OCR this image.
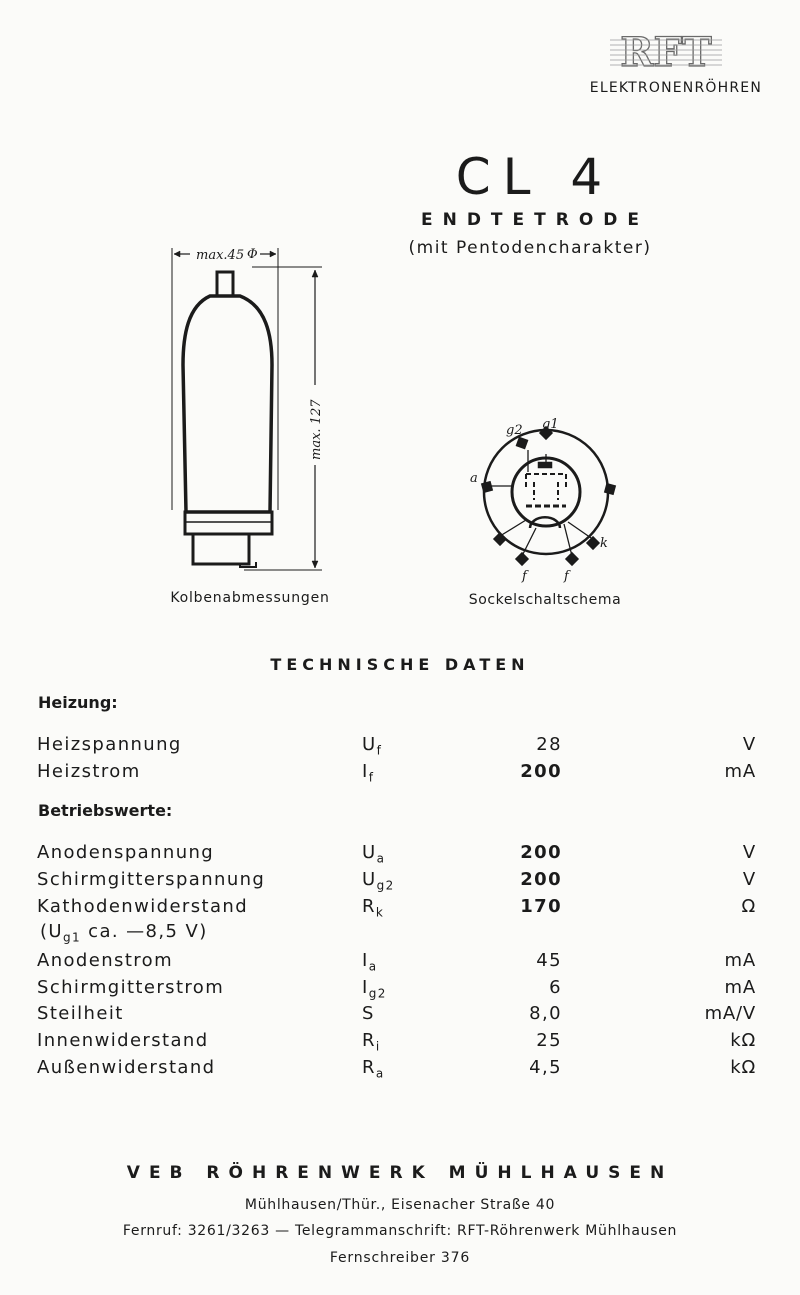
RFT
ELEKTRONENRÖHREN
CL 4
ENDTETRODE
(mit Pentodencharakter)
max.45 Φ
max. 127	g2 g1
a
k
f	f
Kolbenabmessungen	Sockelschaltschema
TECHNISCHE DATEN
Heizung:
Heizspannung	$U_f$	28	V
Heizstrom	$I_f$	200	mA
Betriebswerte:
Anodenspannung	$U_a$	200	V
Schirmgitterspannung	$U_{g2}$	200	V
Kathodenwiderstand	$R_k$	170	Ω
($U_{g1}$ ca. —8,5 V)
Anodenstrom	$I_a$	45	mA
Schirmgitterstrom	$I_{g2}$	6	mA
Steilheit	S	8,0	mA/V
Innenwiderstand	$R_i$	25	kΩ
Außenwiderstand	$R_a$	4,5	kΩ
VEB RÖHRENWERK MÜHLHAUSEN
Mühlhausen/Thür., Eisenacher Straße 40
Fernruf: 3261/3263 — Telegrammanschrift: RFT-Röhrenwerk Mühlhausen
Fernschreiber 376
